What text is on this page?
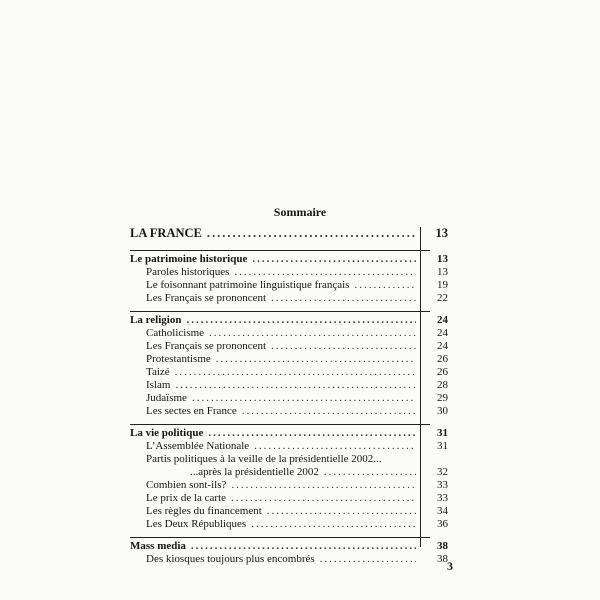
Sommaire
LA FRANCE .....	13
Le patrimoine historique .....	13
Paroles historiques .....	13
Le foisonnant patrimoine linguistique français .....	19
Les Français se prononcent .....	22
La religion .....	24
Catholicisme .....	24
Les Français se prononcent .....	24
Protestantisme .....	26
Taizé .....	26
Islam .....	28
Judaïsme .....	29
Les sectes en France .....	30
La vie politique .....	31
L’Assemblée Nationale .....	31
Partis politiques à la veille de la présidentielle 2002...
...après la présidentielle 2002 .....	32
Combien sont-ils? .....	33
Le prix de la carte .....	33
Les règles du financement .....	34
Les Deux Républiques .....	36
Mass media .....	38
Des kiosques toujours plus encombrés .....	38 3
